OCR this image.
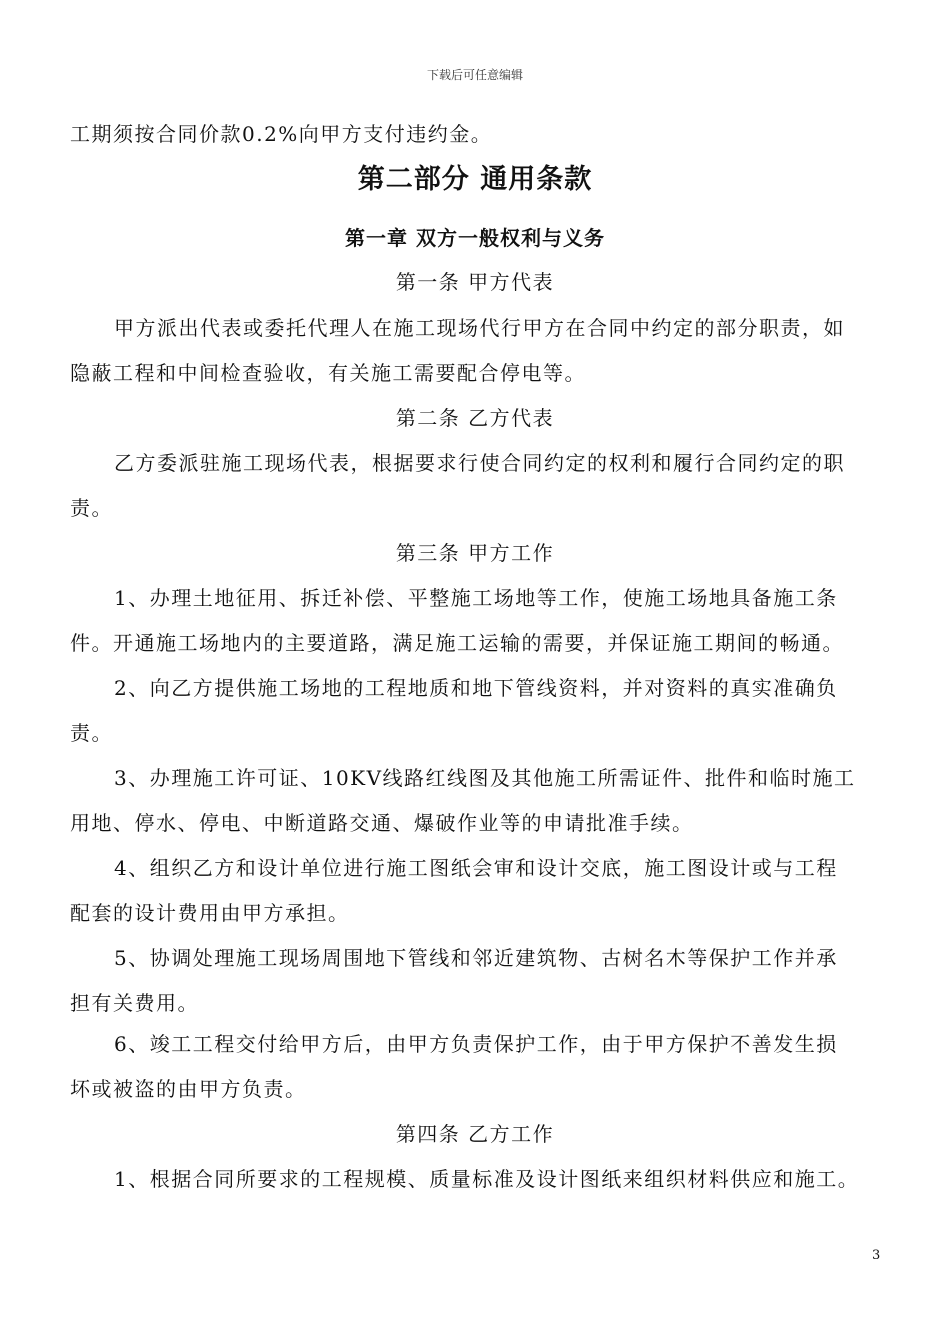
下载后可任意编辑
工期须按合同价款0.2%向甲方支付违约金。
第二部分 通用条款
第一章 双方一般权利与义务
第一条 甲方代表
甲方派出代表或委托代理人在施工现场代行甲方在合同中约定的部分职责，如
隐蔽工程和中间检查验收，有关施工需要配合停电等。
第二条 乙方代表
乙方委派驻施工现场代表，根据要求行使合同约定的权利和履行合同约定的职
责。
第三条 甲方工作
1、办理土地征用、拆迁补偿、平整施工场地等工作，使施工场地具备施工条
件。开通施工场地内的主要道路，满足施工运输的需要，并保证施工期间的畅通。
2、向乙方提供施工场地的工程地质和地下管线资料，并对资料的真实准确负
责。
3、办理施工许可证、10KV线路红线图及其他施工所需证件、批件和临时施工
用地、停水、停电、中断道路交通、爆破作业等的申请批准手续。
4、组织乙方和设计单位进行施工图纸会审和设计交底，施工图设计或与工程
配套的设计费用由甲方承担。
5、协调处理施工现场周围地下管线和邻近建筑物、古树名木等保护工作并承
担有关费用。
6、竣工工程交付给甲方后，由甲方负责保护工作，由于甲方保护不善发生损
坏或被盗的由甲方负责。
第四条 乙方工作
1、根据合同所要求的工程规模、质量标准及设计图纸来组织材料供应和施工。
3
